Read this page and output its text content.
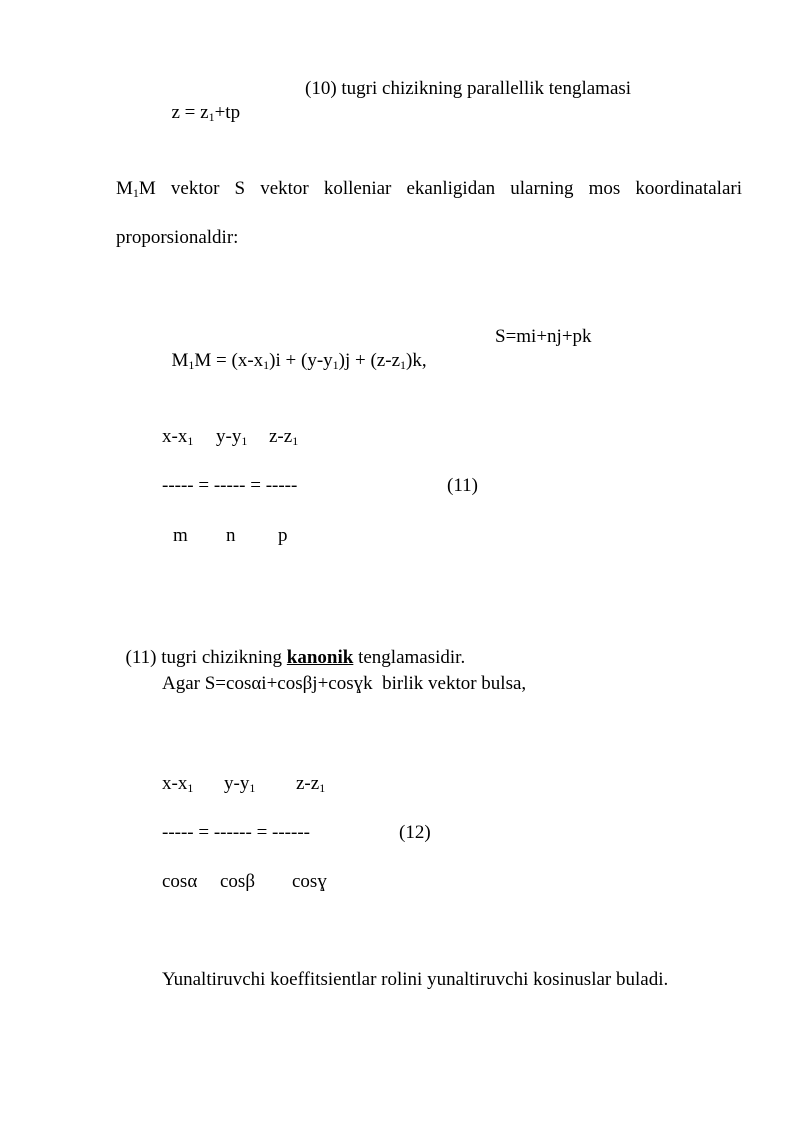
$z = z_1+tp$

(10) tugri chizikning parallellik tenglamasi
$M_1M$ vektor S vektor kolleniar ekanligidan ularning mos koordinatalari
proporsionaldir:

$M_1M = (x-x_1)i + (y-y_1)j + (z-z_1)k$,

S=mi+nj+pk
$x-x_1$ $y-y_1$ $z-z_1$
----- = ----- = -----	(11)
m n p

(11) tugri chizikning kanonik tenglamasidir.

Agar S=cosαi+cosβj+cosɣk  birlik vektor bulsa,
$x-x_1$ $y-y_1$ $z-z_1$
----- = ------ = ------	(12)
cosα cosβ cosɣ
Yunaltiruvchi koeffitsientlar rolini yunaltiruvchi kosinuslar buladi.
